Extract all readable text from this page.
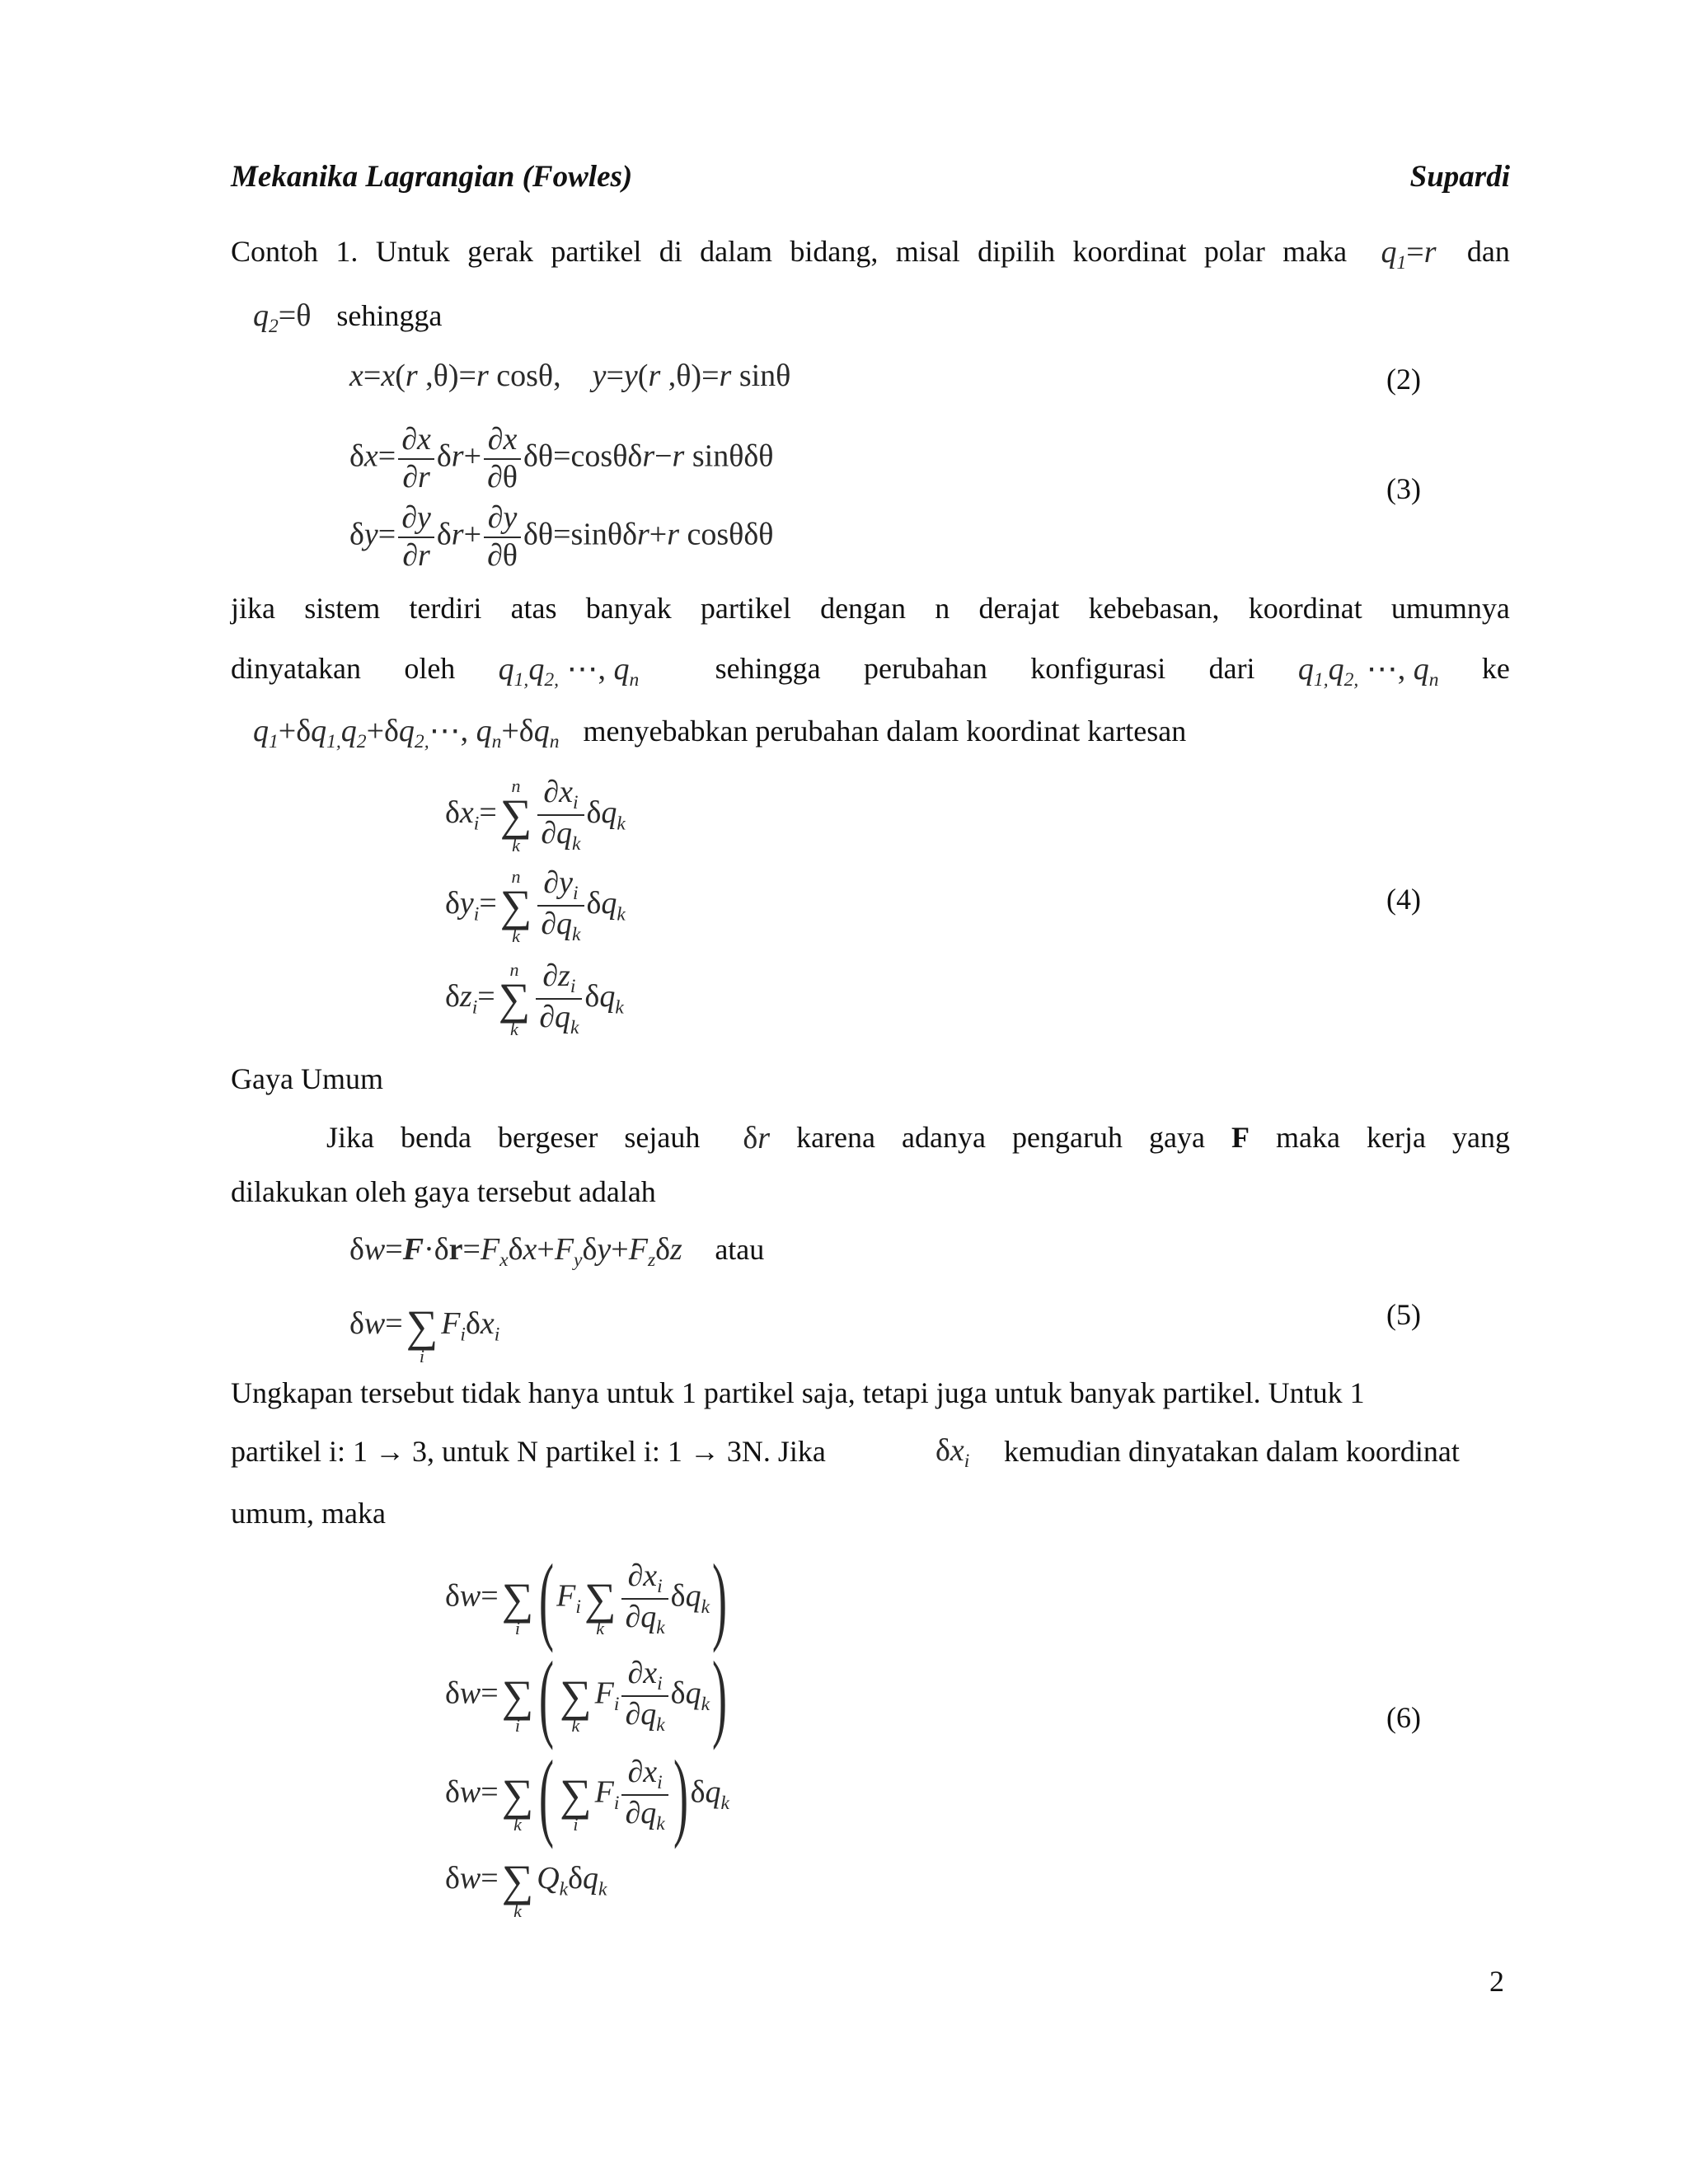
Mekanika Lagrangian (Fowles)	Supardi
Contoh 1. Untuk gerak partikel di dalam bidang, misal dipilih koordinat polar maka $q_1=r$ dan
$q_2=\theta$ sehingga
x=x(r ,θ)=r cosθ,    y=y(r ,θ)=r sinθ	(2)
$\delta x= \frac{\partial x}{\partial r} \delta r+ \frac{\partial x}{\partial\theta} \delta\theta=\cos\theta\delta r-r$ sinθδθ
$\delta y= \frac{\partial y}{\partial r} \delta r+ \frac{\partial y}{\partial\theta} \delta\theta=\sin\theta\delta r+r$ cosθδθ
(3)
jika sistem terdiri atas banyak partikel dengan n derajat kebebasan, koordinat umumnya
dinyatakan oleh $q_{1,}q_{2,}$ ⋯, $q_n$	sehingga perubahan konfigurasi dari $q_{1,}q_{2,}$ ⋯, $q_n$ ke
$q_1+\delta q_{1,}q_2+\delta q_{2,}\cdots$, $q_n+\delta q_n$ menyebabkan perubahan dalam koordinat kartesan
$\delta x_i=$
n
∑
k $\frac{\partial x_i}{\partial q_k} \delta q_k$
$\delta y_i=$
n
∑
k $\frac{\partial y_i}{\partial q_k} \delta q_k$
$\delta z_i=$
n
∑
k $\frac{\partial z_i}{\partial q_k} \delta q_k$
(4)
Gaya Umum
Jika benda bergeser sejauh δr karena adanya pengaruh gaya F maka kerja yang
dilakukan oleh gaya tersebut adalah
$\delta w=F\cdot\delta r=F_x\delta x+F_y\delta y+F_z\delta z$ atau
δw=
∑
i
$F_i\delta x_i$
(5)
Ungkapan tersebut tidak hanya untuk 1 partikel saja, tetapi juga untuk banyak partikel. Untuk 1
partikel i: 1 → 3, untuk N partikel i: 1 → 3N. Jika	$\delta x_i$ kemudian dinyatakan dalam koordinat
umum, maka
δw=
∑
i ($F_i$
∑
k $\frac{\partial x_i}{\partial q_k} \delta q_k$)
δw=
∑
i (
∑
k
$F_i \frac{\partial x_i}{\partial q_k} \delta q_k$)
δw=
∑
k (
∑
i
$F_i \frac{\partial x_i}{\partial q_k} )\delta q_k$
δw=
∑
k
$Q_k\delta q_k$
(6)
2
